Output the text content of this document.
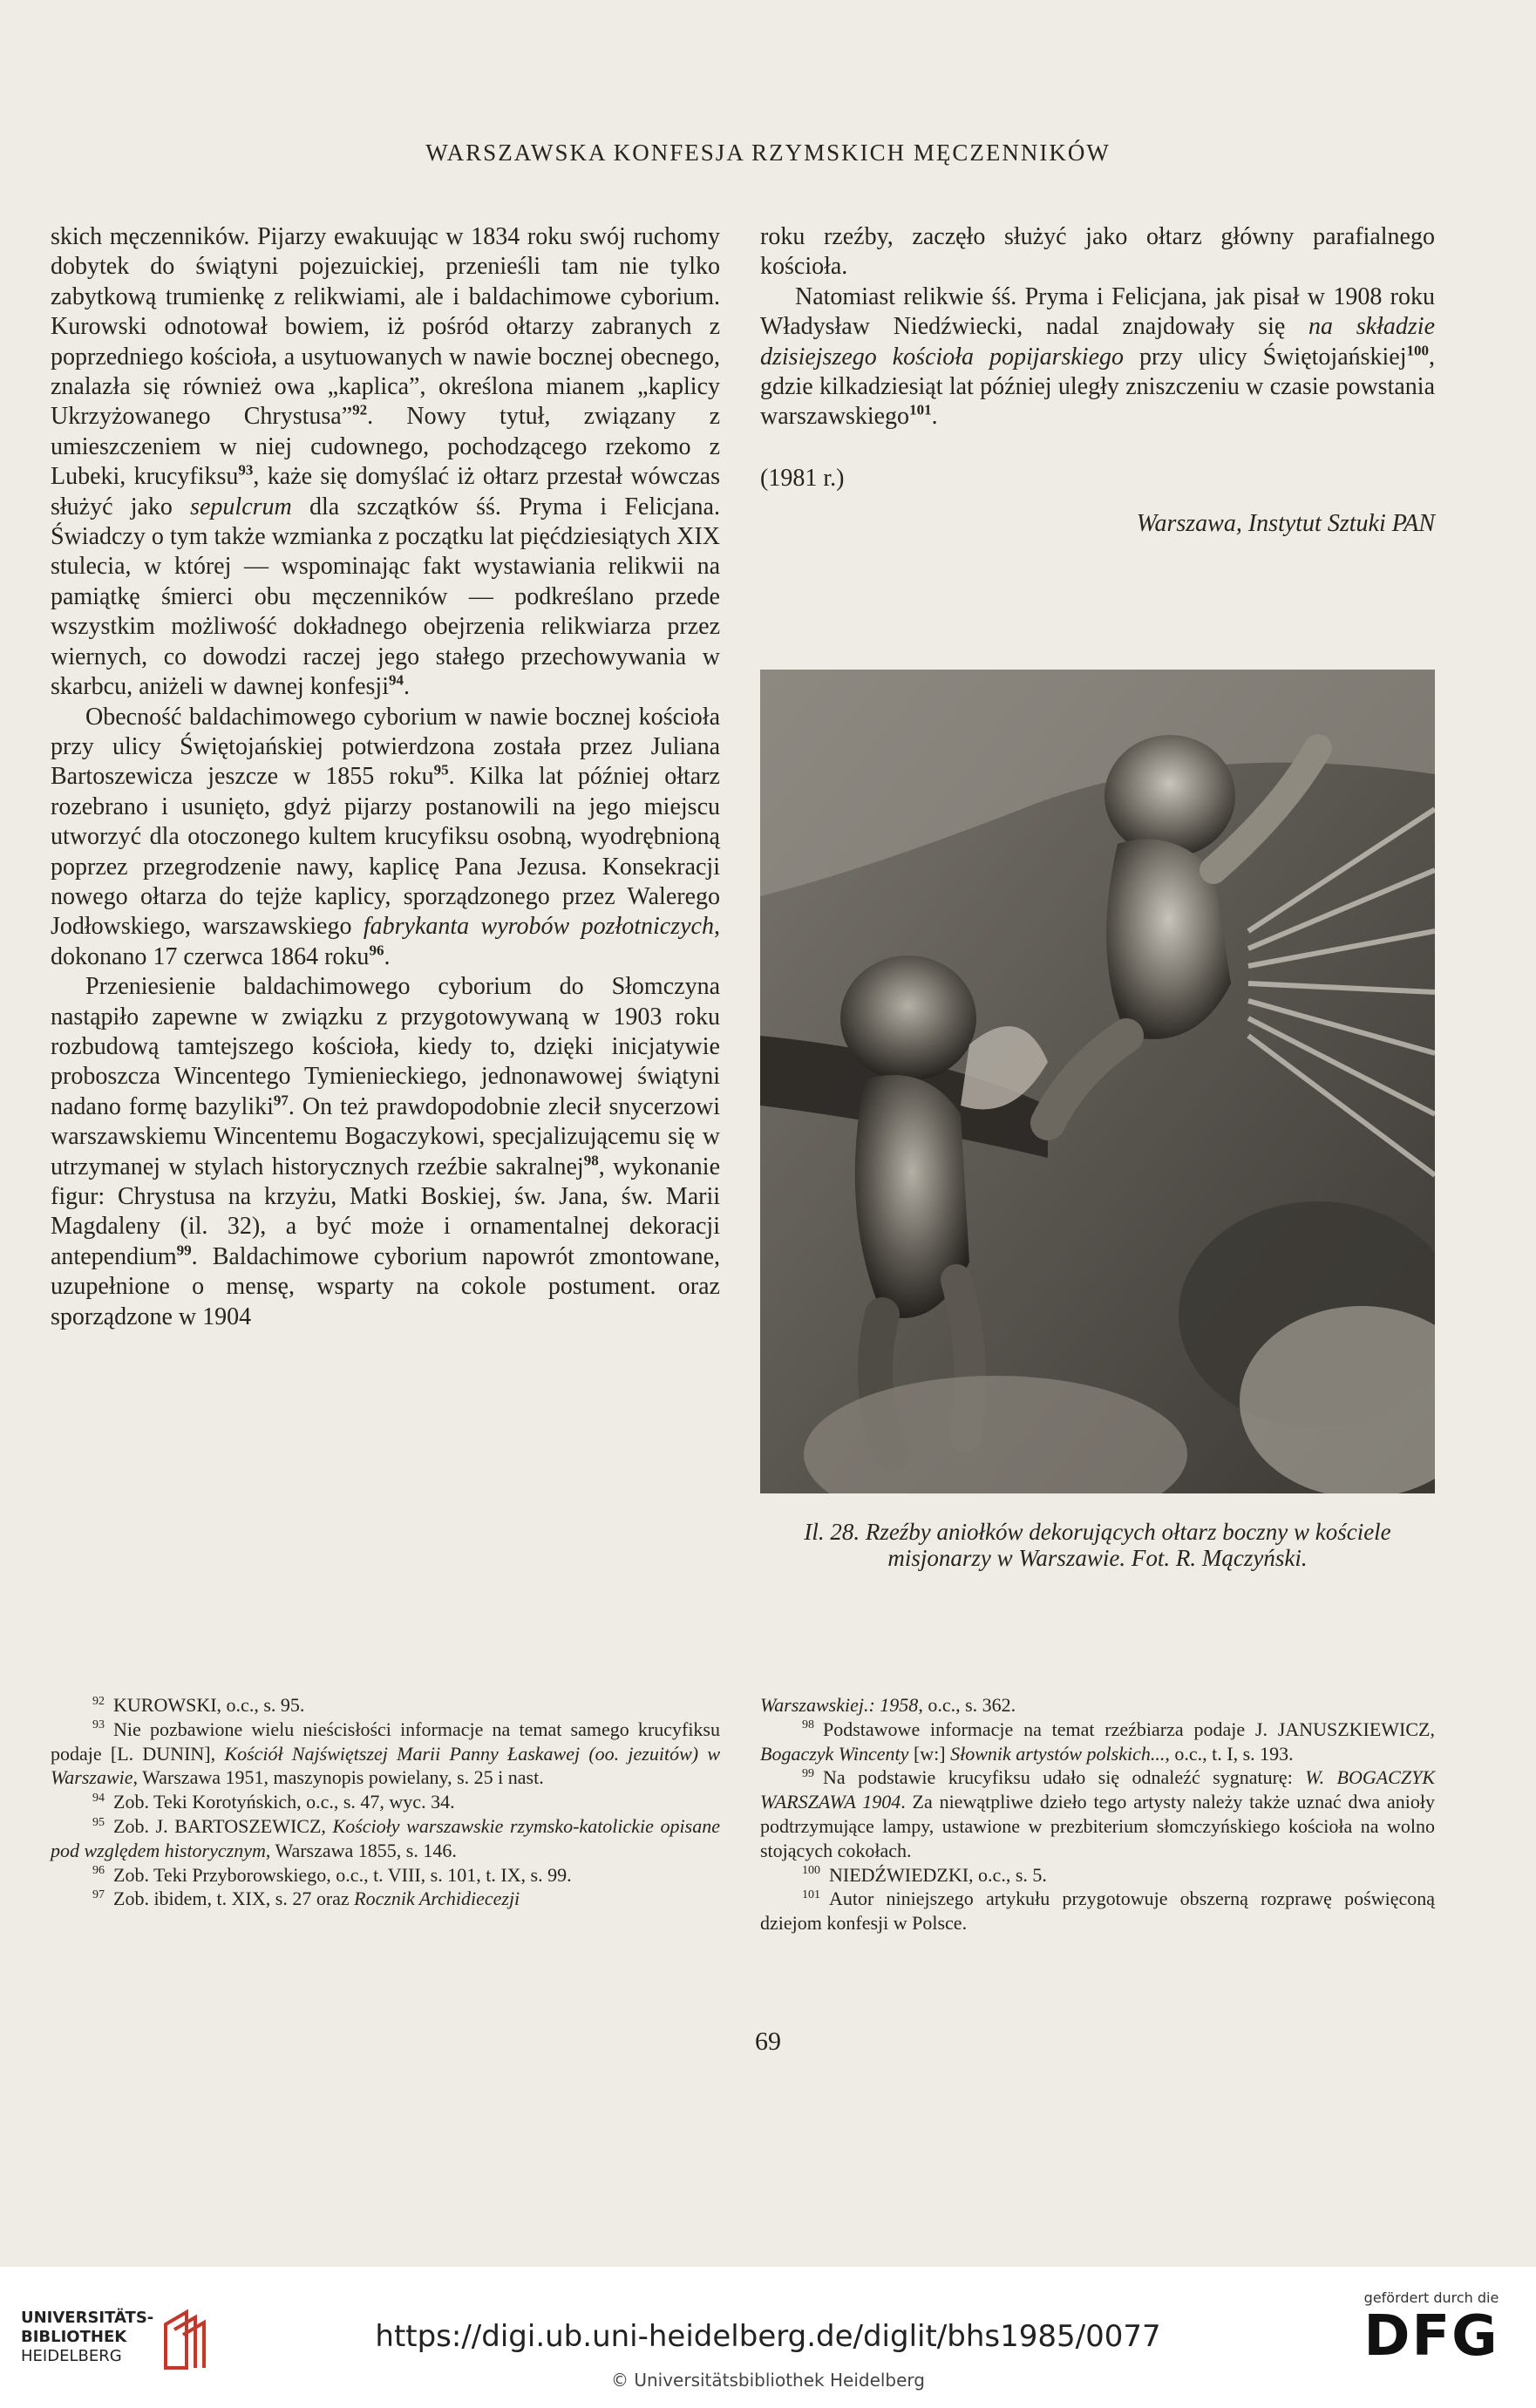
WARSZAWSKA KONFESJA RZYMSKICH MĘCZENNIKÓW

skich męczenników. Pijarzy ewakuując w 1834 roku swój ruchomy dobytek do świątyni pojezuickiej, przenieśli tam nie tylko zabytkową trumienkę z relikwiami, ale i baldachimowe cyborium. Kurowski odnotował bowiem, iż pośród ołtarzy zabranych z poprzedniego kościoła, a usytuowanych w nawie bocznej obecnego, znalazła się również owa „kaplica”, określona mianem „kaplicy Ukrzyżowanego Chrystusa”$^{92}$. Nowy tytuł, związany z umieszczeniem w niej cudownego, pochodzącego rzekomo z Lubeki, krucyfiksu$^{93}$, każe się domyślać iż ołtarz przestał wówczas służyć jako sepulcrum dla szczątków śś. Pryma i Felicjana. Świadczy o tym także wzmianka z początku lat pięćdziesiątych XIX stulecia, w której — wspominając fakt wystawiania relikwii na pamiątkę śmierci obu męczenników — podkreślano przede wszystkim możliwość dokładnego obejrzenia relikwiarza przez wiernych, co dowodzi raczej jego stałego przechowywania w skarbcu, aniżeli w dawnej konfesji$^{94}$.

Obecność baldachimowego cyborium w nawie bocznej kościoła przy ulicy Świętojańskiej potwierdzona została przez Juliana Bartoszewicza jeszcze w 1855 roku$^{95}$. Kilka lat później ołtarz rozebrano i usunięto, gdyż pijarzy postanowili na jego miejscu utworzyć dla otoczonego kultem krucyfiksu osobną, wyodrębnioną poprzez przegrodzenie nawy, kaplicę Pana Jezusa. Konsekracji nowego ołtarza do tejże kaplicy, sporządzonego przez Walerego Jodłowskiego, warszawskiego fabrykanta wyrobów pozłotniczych, dokonano 17 czerwca 1864 roku$^{96}$.

Przeniesienie baldachimowego cyborium do Słomczyna nastąpiło zapewne w związku z przygotowywaną w 1903 roku rozbudową tamtejszego kościoła, kiedy to, dzięki inicjatywie proboszcza Wincentego Tymienieckiego, jednonawowej świątyni nadano formę bazyliki$^{97}$. On też prawdopodobnie zlecił snycerzowi warszawskiemu Wincentemu Bogaczykowi, specjalizującemu się w utrzymanej w stylach historycznych rzeźbie sakralnej$^{98}$, wykonanie figur: Chrystusa na krzyżu, Matki Boskiej, św. Jana, św. Marii Magdaleny (il. 32), a być może i ornamentalnej dekoracji antependium$^{99}$. Baldachimowe cyborium napowrót zmontowane, uzupełnione o mensę, wsparty na cokole postument. oraz sporządzone w 1904

roku rzeźby, zaczęło służyć jako ołtarz główny parafialnego kościoła.

Natomiast relikwie śś. Pryma i Felicjana, jak pisał w 1908 roku Władysław Niedźwiecki, nadal znajdowały się na składzie dzisiejszego kościoła popijarskiego przy ulicy Świętojańskiej$^{100}$, gdzie kilkadziesiąt lat później uległy zniszczeniu w czasie powstania warszawskiego$^{101}$.

(1981 r.)

Warszawa, Instytut Sztuki PAN

Il. 28. Rzeźby aniołków dekorujących ołtarz boczny w kościele misjonarzy w Warszawie. Fot. R. Mączyński.

$^{92}$ KUROWSKI, o.c., s. 95.

$^{93}$ Nie pozbawione wielu nieścisłości informacje na temat samego krucyfiksu podaje [L. DUNIN], Kościół Najświętszej Marii Panny Łaskawej (oo. jezuitów) w Warszawie, Warszawa 1951, maszynopis powielany, s. 25 i nast.

$^{94}$ Zob. Teki Korotyńskich, o.c., s. 47, wyc. 34.

$^{95}$ Zob. J. BARTOSZEWICZ, Kościoły warszawskie rzymsko-katolickie opisane pod względem historycznym, Warszawa 1855, s. 146.

$^{96}$ Zob. Teki Przyborowskiego, o.c., t. VIII, s. 101, t. IX, s. 99.

$^{97}$ Zob. ibidem, t. XIX, s. 27 oraz Rocznik Archidiecezji

Warszawskiej.: 1958, o.c., s. 362.

$^{98}$ Podstawowe informacje na temat rzeźbiarza podaje J. JANUSZKIEWICZ, Bogaczyk Wincenty [w:] Słownik artystów polskich..., o.c., t. I, s. 193.

$^{99}$ Na podstawie krucyfiksu udało się odnaleźć sygnaturę: W. BOGACZYK WARSZAWA 1904. Za niewątpliwe dzieło tego artysty należy także uznać dwa anioły podtrzymujące lampy, ustawione w prezbiterium słomczyńskiego kościoła na wolno stojących cokołach.

$^{100}$ NIEDŹWIEDZKI, o.c., s. 5.

$^{101}$ Autor niniejszego artykułu przygotowuje obszerną rozprawę poświęconą dziejom konfesji w Polsce.

69
UNIVERSITÄTS-
BIBLIOTHEK
HEIDELBERG
https://digi.ub.uni-heidelberg.de/diglit/bhs1985/0077
© Universitätsbibliothek Heidelberg
gefördert durch die
DFG
